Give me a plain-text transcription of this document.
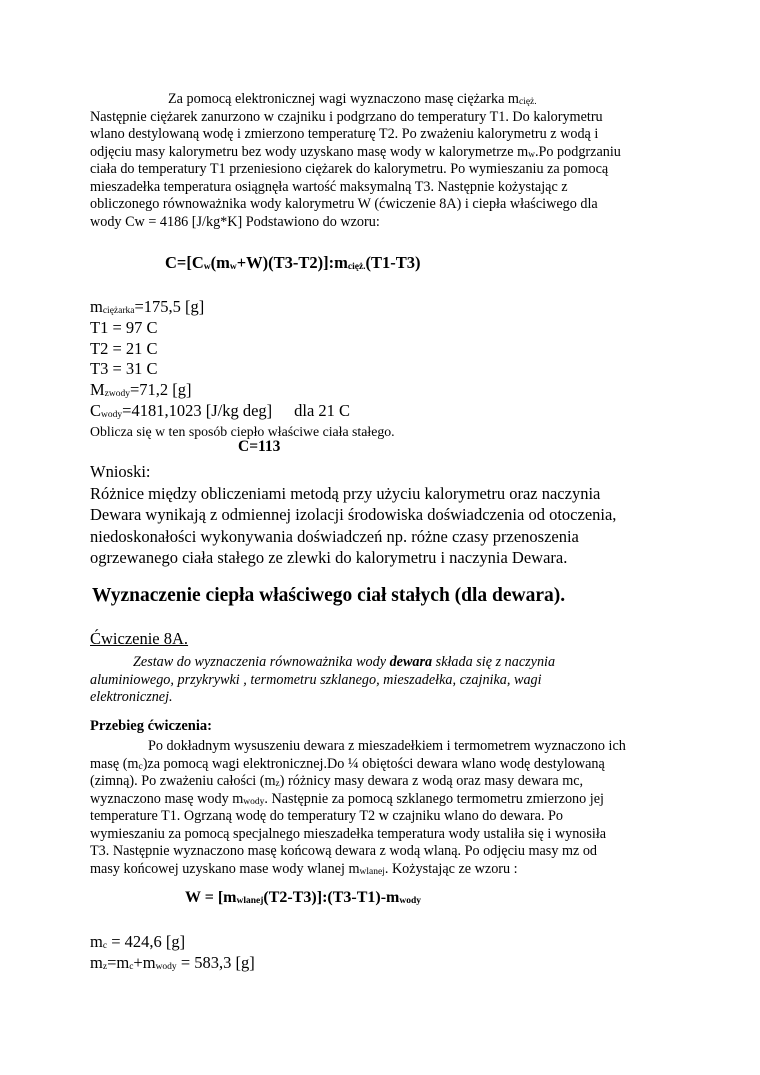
Za pomocą elektronicznej wagi wyznaczono masę ciężarka mcięż.
Następnie ciężarek zanurzono w czajniku i podgrzano do temperatury T1. Do kalorymetru
wlano destylowaną wodę i zmierzono temperaturę T2. Po zważeniu kalorymetru z wodą i
odjęciu masy kalorymetru bez wody uzyskano masę wody w kalorymetrze mw.Po podgrzaniu
ciała do temperatury T1 przeniesiono ciężarek do kalorymetru. Po wymieszaniu za pomocą
mieszadełka temperatura osiągnęła wartość maksymalną T3. Następnie kożystając z
obliczonego równoważnika wody kalorymetru W (ćwiczenie 8A) i ciepła właściwego dla
wody Cw = 4186 [J/kg*K] Podstawiono do wzoru:
C=[Cw(mw+W)(T3-T2)]:mcięż.(T1-T3)
mciężarka=175,5 [g]
T1 = 97 C
T2 = 21 C
T3 = 31 C
Mzwody=71,2 [g]
Cwody=4181,1023 [J/kg deg] dla 21 C
Oblicza się w ten sposób ciepło właściwe ciała stałego.
C=113
Wnioski:
Różnice między obliczeniami metodą przy użyciu kalorymetru oraz naczynia
Dewara wynikają z odmiennej izolacji środowiska doświadczenia od otoczenia,
niedoskonałości wykonywania doświadczeń np. różne czasy przenoszenia
ogrzewanego ciała stałego ze zlewki do kalorymetru i naczynia Dewara.
Wyznaczenie ciepła właściwego ciał stałych (dla dewara).
Ćwiczenie 8A.
Zestaw do wyznaczenia równoważnika wody dewara składa się z naczynia
aluminiowego, przykrywki , termometru szklanego, mieszadełka, czajnika, wagi
elektronicznej.
Przebieg ćwiczenia:
Po dokładnym wysuszeniu dewara z mieszadełkiem i termometrem wyznaczono ich
masę (mc)za pomocą wagi elektronicznej.Do ¼ obiętości dewara wlano wodę destylowaną
(zimną). Po zważeniu całości (mz) różnicy masy dewara z wodą oraz masy dewara mc,
wyznaczono masę wody mwody. Następnie za pomocą szklanego termometru zmierzono jej
temperature T1. Ogrzaną wodę do temperatury T2 w czajniku wlano do dewara. Po
wymieszaniu za pomocą specjalnego mieszadełka temperatura wody ustaliła się i wynosiła
T3. Następnie wyznaczono masę końcową dewara z wodą wlaną. Po odjęciu masy mz od
masy końcowej uzyskano mase wody wlanej mwlanej. Kożystając ze wzoru :
W = [mwlanej(T2-T3)]:(T3-T1)-mwody
mc = 424,6 [g]
mz=mc+mwody = 583,3 [g]
